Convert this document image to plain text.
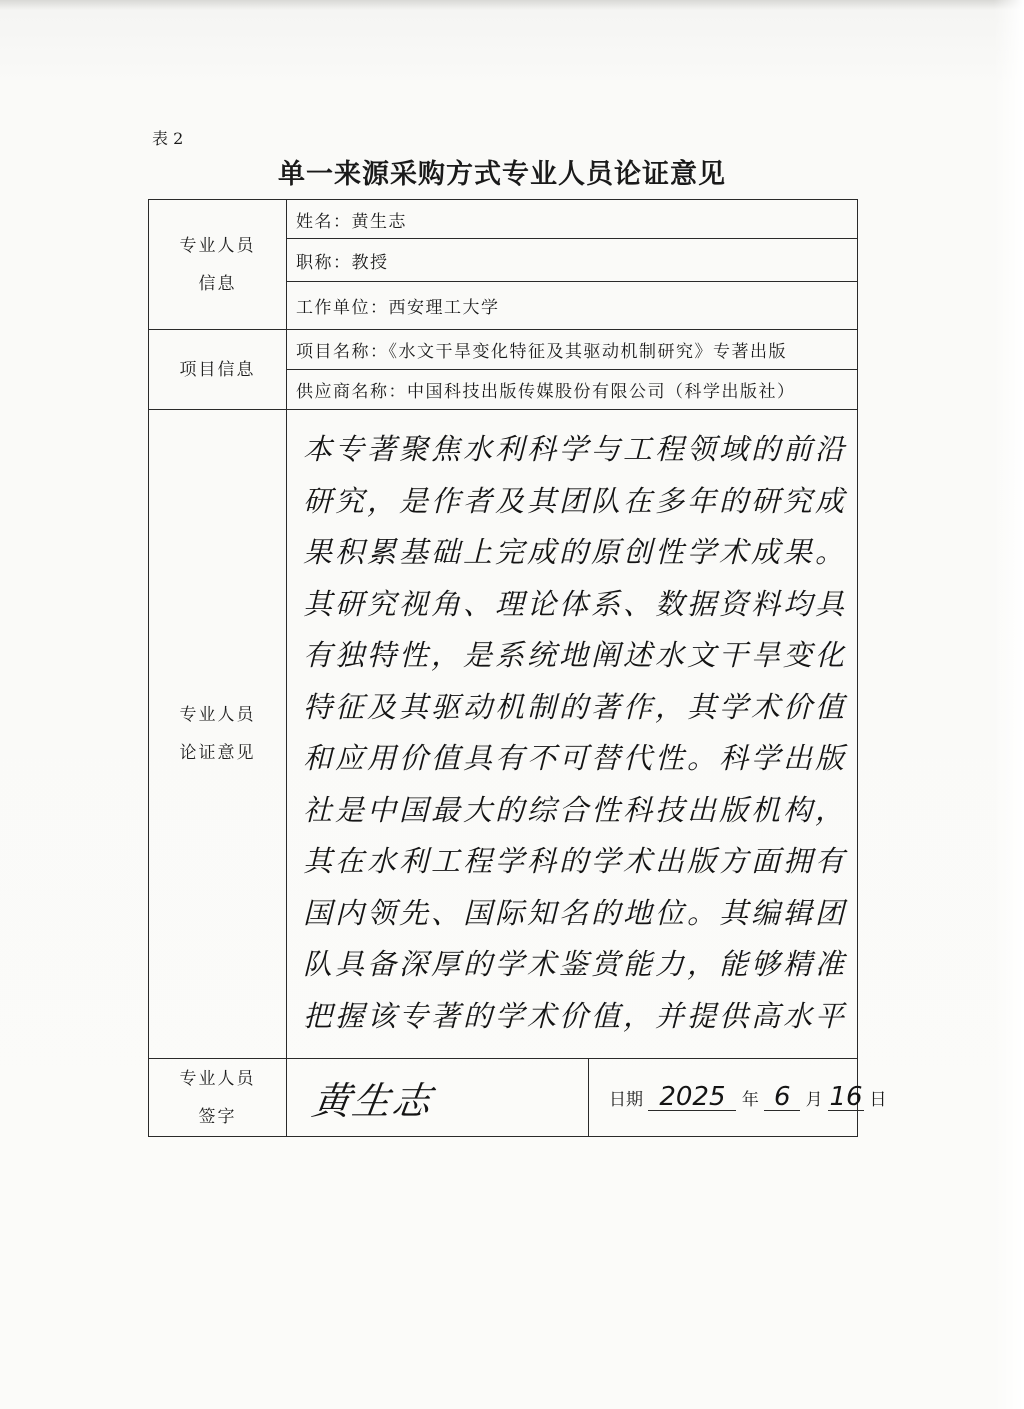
表 2
单一来源采购方式专业人员论证意见
专业人员信息	姓名：黄生志	
	职称：教授	
	工作单位：西安理工大学	
项目信息	项目名称：《水文干旱变化特征及其驱动机制研究》专著出版	
	供应商名称：中国科技出版传媒股份有限公司（科学出版社）	

专业人员论证意见	本专著聚焦水利科学与工程领域的前沿研究，是作者及其团队在多年的研究成果积累基础上完成的原创性学术成果。其研究视角、理论体系、数据资料均具有独特性，是系统地阐述水文干旱变化特征及其驱动机制的著作，其学术价值和应用价值具有不可替代性。科学出版社是中国最大的综合性科技出版机构，其在水利工程学科的学术出版方面拥有国内领先、国际知名的地位。其编辑团队具备深厚的学术鉴赏能力，能够精准把握该专著的学术价值，并提供高水平	

专业人员签字	黄生志	日期 2025 年 6 月 16 日
